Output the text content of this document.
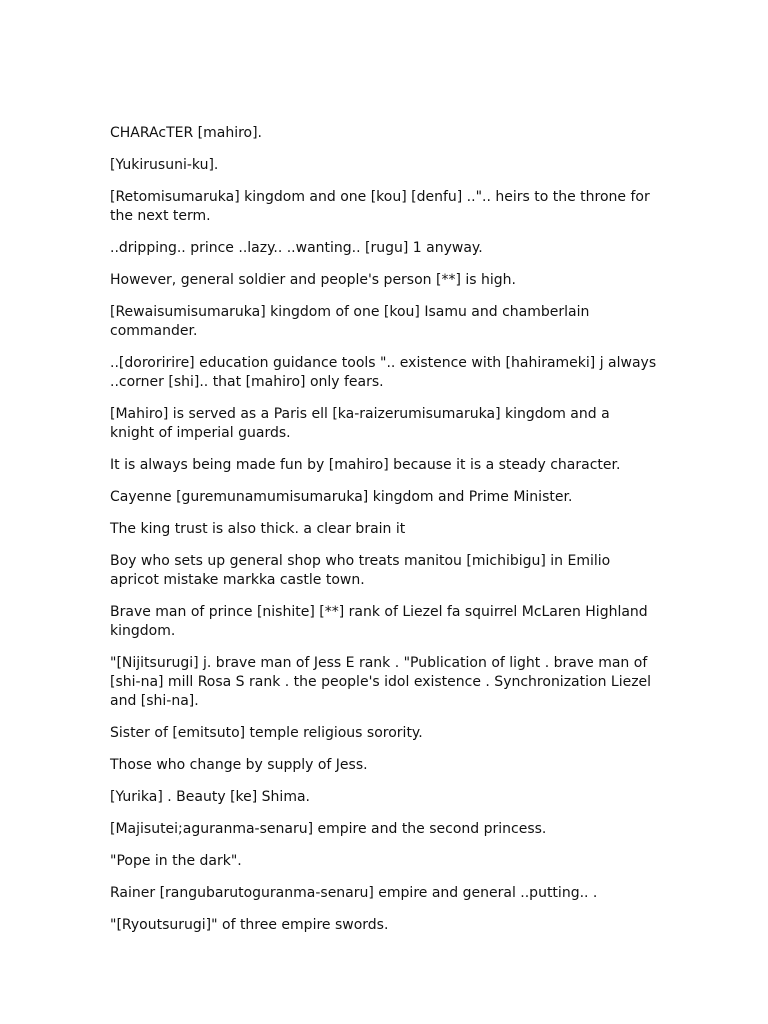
CHARAcTER [mahiro].

[Yukirusuni-ku].

[Retomisumaruka] kingdom and one [kou] [denfu] ..".. heirs to the throne for the next term.

..dripping.. prince ..lazy.. ..wanting.. [rugu] 1 anyway.

However, general soldier and people's person [**] is high.

[Rewaisumisumaruka] kingdom of one [kou] Isamu and chamberlain commander.

..[dororirire] education guidance tools ".. existence with [hahirameki] j always ..corner [shi].. that [mahiro] only fears.

[Mahiro] is served as a Paris ell [ka-raizerumisumaruka] kingdom and a knight of imperial guards.

It is always being made fun by [mahiro] because it is a steady character.

Cayenne [guremunamumisumaruka] kingdom and Prime Minister.

The king trust is also thick. a clear brain it

Boy who sets up general shop who treats manitou [michibigu] in Emilio apricot mistake markka castle town.

Brave man of prince [nishite] [**] rank of Liezel fa squirrel McLaren Highland kingdom.

"[Nijitsurugi] j. brave man of Jess E rank . "Publication of light . brave man of [shi-na] mill Rosa S rank . the people's idol existence . Synchronization Liezel and [shi-na].

Sister of [emitsuto] temple religious sorority.

Those who change by supply of Jess.

[Yurika] . Beauty [ke] Shima.

[Majisutei;aguranma-senaru] empire and the second princess.

"Pope in the dark".

Rainer [rangubarutoguranma-senaru] empire and general ..putting.. .

"[Ryoutsurugi]" of three empire swords.
